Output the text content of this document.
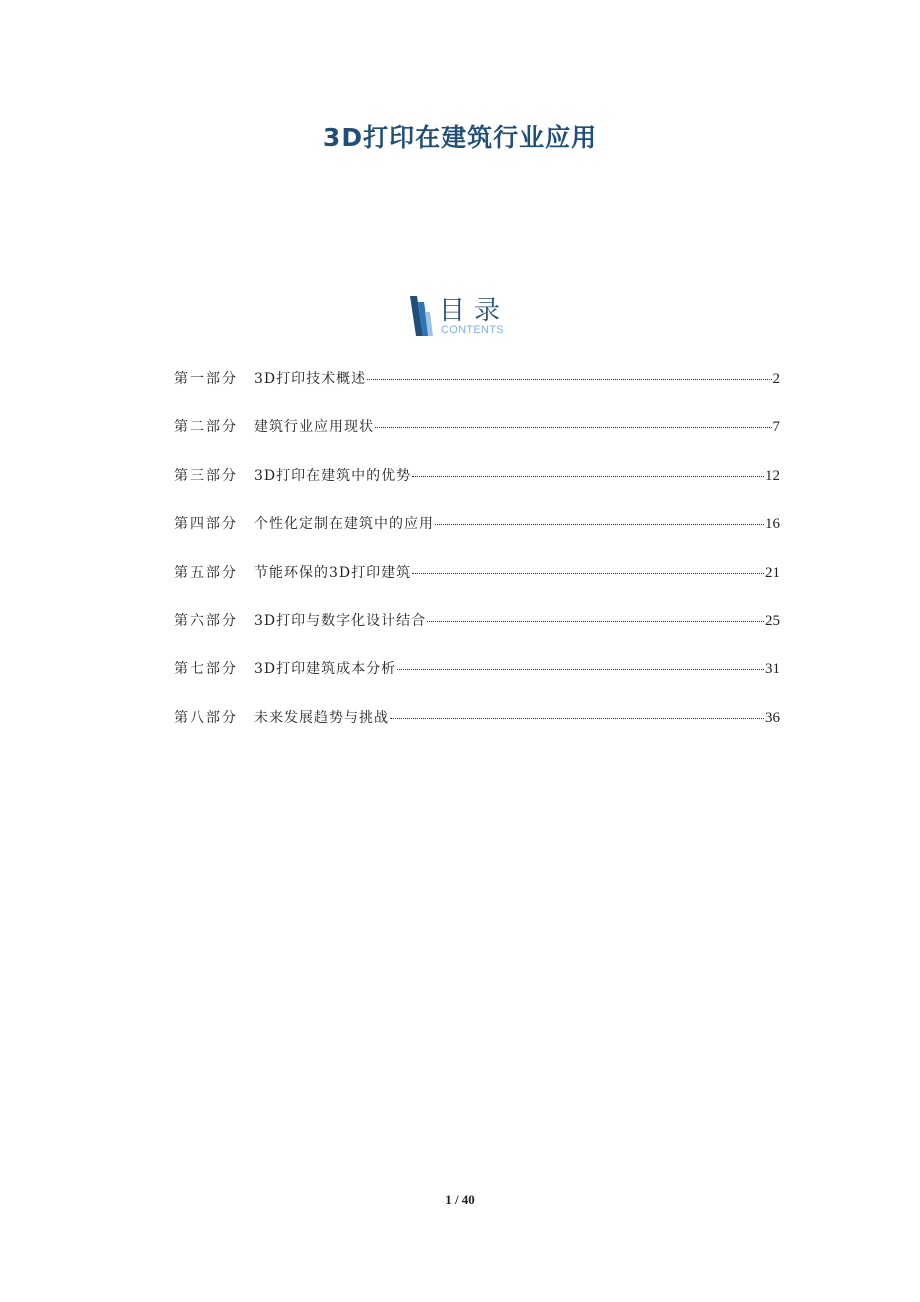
3D打印在建筑行业应用
目录
CONTENTS
第一部分	3D打印技术概述	2
第二部分	建筑行业应用现状	7
第三部分	3D打印在建筑中的优势	12
第四部分	个性化定制在建筑中的应用	16
第五部分	节能环保的3D打印建筑	21
第六部分	3D打印与数字化设计结合	25
第七部分	3D打印建筑成本分析	31
第八部分	未来发展趋势与挑战	36
1 / 40
